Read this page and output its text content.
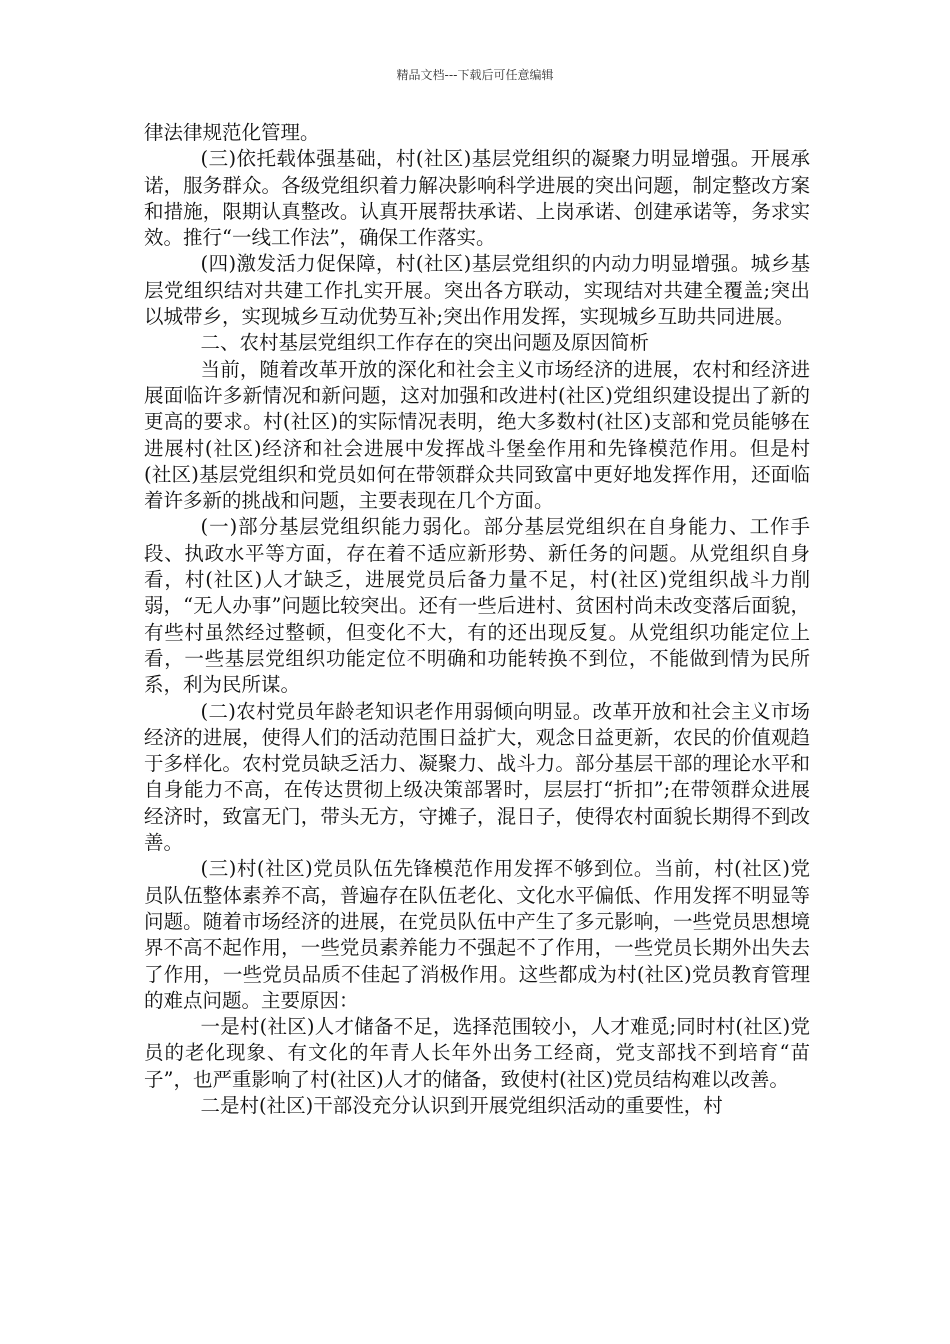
精品文档---下载后可任意编辑

律法律规范化管理。

(三)依托载体强基础，村(社区)基层党组织的凝聚力明显增强。开展承诺，服务群众。各级党组织着力解决影响科学进展的突出问题，制定整改方案和措施，限期认真整改。认真开展帮扶承诺、上岗承诺、创建承诺等，务求实效。推行“一线工作法”，确保工作落实。

(四)激发活力促保障，村(社区)基层党组织的内动力明显增强。城乡基层党组织结对共建工作扎实开展。突出各方联动，实现结对共建全覆盖;突出以城带乡，实现城乡互动优势互补;突出作用发挥，实现城乡互助共同进展。

二、农村基层党组织工作存在的突出问题及原因简析

当前，随着改革开放的深化和社会主义市场经济的进展，农村和经济进展面临许多新情况和新问题，这对加强和改进村(社区)党组织建设提出了新的更高的要求。村(社区)的实际情况表明，绝大多数村(社区)支部和党员能够在进展村(社区)经济和社会进展中发挥战斗堡垒作用和先锋模范作用。但是村(社区)基层党组织和党员如何在带领群众共同致富中更好地发挥作用，还面临着许多新的挑战和问题，主要表现在几个方面。

(一)部分基层党组织能力弱化。部分基层党组织在自身能力、工作手段、执政水平等方面，存在着不适应新形势、新任务的问题。从党组织自身看，村(社区)人才缺乏，进展党员后备力量不足，村(社区)党组织战斗力削弱，“无人办事”问题比较突出。还有一些后进村、贫困村尚未改变落后面貌，有些村虽然经过整顿，但变化不大，有的还出现反复。从党组织功能定位上看，一些基层党组织功能定位不明确和功能转换不到位，不能做到情为民所系，利为民所谋。

(二)农村党员年龄老知识老作用弱倾向明显。改革开放和社会主义市场经济的进展，使得人们的活动范围日益扩大，观念日益更新，农民的价值观趋于多样化。农村党员缺乏活力、凝聚力、战斗力。部分基层干部的理论水平和自身能力不高，在传达贯彻上级决策部署时，层层打“折扣”;在带领群众进展经济时，致富无门，带头无方，守摊子，混日子，使得农村面貌长期得不到改善。

(三)村(社区)党员队伍先锋模范作用发挥不够到位。当前，村(社区)党员队伍整体素养不高，普遍存在队伍老化、文化水平偏低、作用发挥不明显等问题。随着市场经济的进展，在党员队伍中产生了多元影响，一些党员思想境界不高不起作用，一些党员素养能力不强起不了作用，一些党员长期外出失去了作用，一些党员品质不佳起了消极作用。这些都成为村(社区)党员教育管理的难点问题。主要原因：

一是村(社区)人才储备不足，选择范围较小，人才难觅;同时村(社区)党员的老化现象、有文化的年青人长年外出务工经商，党支部找不到培育“苗子”，也严重影响了村(社区)人才的储备，致使村(社区)党员结构难以改善。

二是村(社区)干部没充分认识到开展党组织活动的重要性，村
